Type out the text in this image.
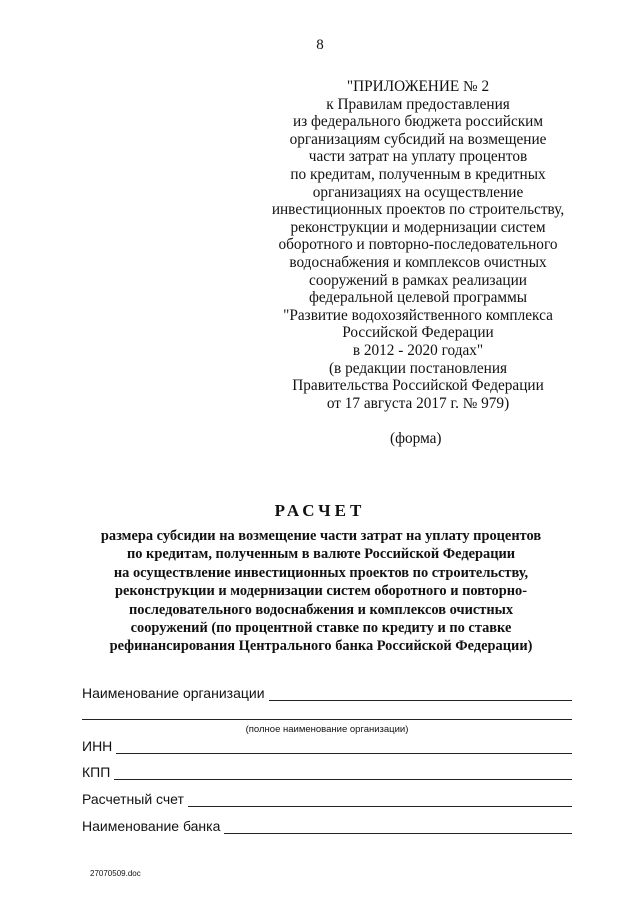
8
"ПРИЛОЖЕНИЕ № 2
к Правилам предоставления
из федерального бюджета российским
организациям субсидий на возмещение
части затрат на уплату процентов
по кредитам, полученным в кредитных
организациях на осуществление
инвестиционных проектов по строительству,
реконструкции и модернизации систем
оборотного и повторно-последовательного
водоснабжения и комплексов очистных
сооружений в рамках реализации
федеральной целевой программы
"Развитие водохозяйственного комплекса
Российской Федерации
в 2012 - 2020 годах"
(в редакции постановления
Правительства Российской Федерации
от 17 августа 2017 г. № 979)
(форма)
РАСЧЕТ
размера субсидии на возмещение части затрат на уплату процентов
по кредитам, полученным в валюте Российской Федерации
на осуществление инвестиционных проектов по строительству,
реконструкции и модернизации систем оборотного и повторно-
последовательного водоснабжения и комплексов очистных
сооружений (по процентной ставке по кредиту и по ставке
рефинансирования Центрального банка Российской Федерации)
Наименование организации
(полное наименование организации)
ИНН
КПП
Расчетный счет
Наименование банка
27070509.doc
